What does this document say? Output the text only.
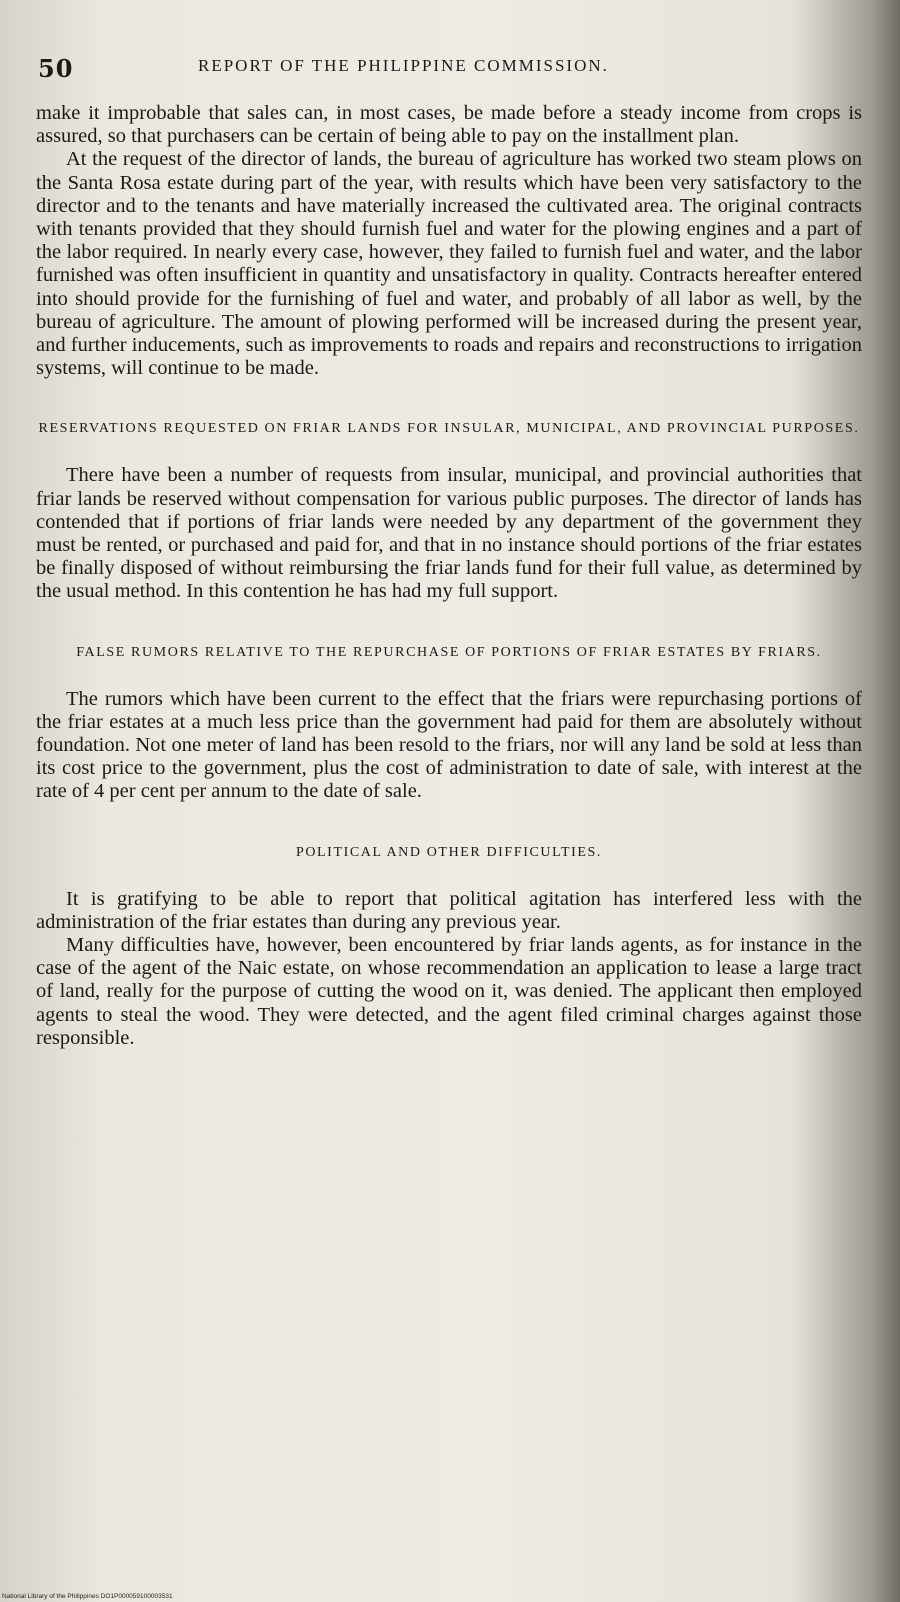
50	REPORT OF THE PHILIPPINE COMMISSION.

make it improbable that sales can, in most cases, be made before a steady income from crops is assured, so that purchasers can be certain of being able to pay on the installment plan.

At the request of the director of lands, the bureau of agriculture has worked two steam plows on the Santa Rosa estate during part of the year, with results which have been very satisfactory to the director and to the tenants and have materially increased the cultivated area. The original contracts with tenants provided that they should furnish fuel and water for the plowing engines and a part of the labor required. In nearly every case, however, they failed to furnish fuel and water, and the labor furnished was often insufficient in quantity and unsatisfactory in quality. Contracts hereafter entered into should provide for the furnishing of fuel and water, and probably of all labor as well, by the bureau of agriculture. The amount of plowing performed will be increased during the present year, and further inducements, such as improvements to roads and repairs and reconstructions to irrigation systems, will continue to be made.

RESERVATIONS REQUESTED ON FRIAR LANDS FOR INSULAR, MUNICIPAL, AND PROVINCIAL PURPOSES.

There have been a number of requests from insular, municipal, and provincial authorities that friar lands be reserved without compensation for various public purposes. The director of lands has contended that if portions of friar lands were needed by any department of the government they must be rented, or purchased and paid for, and that in no instance should portions of the friar estates be finally disposed of without reimbursing the friar lands fund for their full value, as determined by the usual method. In this contention he has had my full support.

FALSE RUMORS RELATIVE TO THE REPURCHASE OF PORTIONS OF FRIAR ESTATES BY FRIARS.

The rumors which have been current to the effect that the friars were repurchasing portions of the friar estates at a much less price than the government had paid for them are absolutely without foundation. Not one meter of land has been resold to the friars, nor will any land be sold at less than its cost price to the government, plus the cost of administration to date of sale, with interest at the rate of 4 per cent per annum to the date of sale.

POLITICAL AND OTHER DIFFICULTIES.

It is gratifying to be able to report that political agitation has interfered less with the administration of the friar estates than during any previous year.

Many difficulties have, however, been encountered by friar lands agents, as for instance in the case of the agent of the Naic estate, on whose recommendation an application to lease a large tract of land, really for the purpose of cutting the wood on it, was denied. The applicant then employed agents to steal the wood. They were detected, and the agent filed criminal charges against those responsible.

National Library of the Philippines DO1P000059100003531
